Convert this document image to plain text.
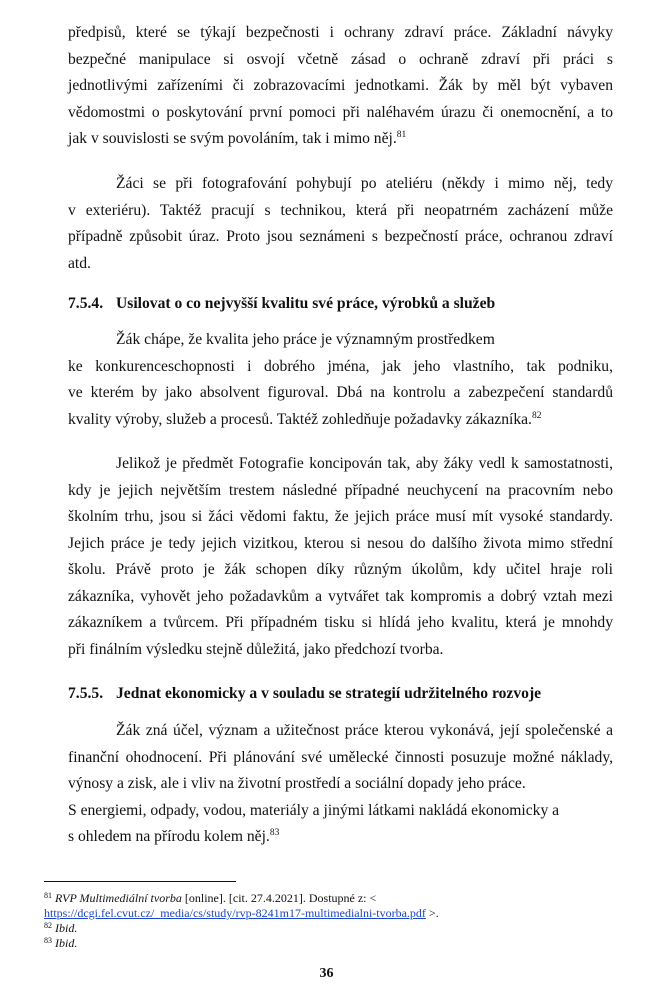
předpisů, které se týkají bezpečnosti i ochrany zdraví práce. Základní návyky
bezpečné manipulace si osvojí včetně zásad o ochraně zdraví při práci s
jednotlivými zařízeními či zobrazovacími jednotkami. Žák by měl být vybaven
vědomostmi o poskytování první pomoci při naléhavém úrazu či onemocnění, a to
jak v souvislosti se svým povoláním, tak i mimo něj.$^{81}$
Žáci se při fotografování pohybují po ateliéru (někdy i mimo něj, tedy
v exteriéru). Taktéž pracují s technikou, která při neopatrném zacházení může
případně způsobit úraz. Proto jsou seznámeni s bezpečností práce, ochranou zdraví
atd.
7.5.4. Usilovat o co nejvyšší kvalitu své práce, výrobků a služeb
Žák chápe, že kvalita jeho práce je významným prostředkem
ke konkurenceschopnosti i dobrého jména, jak jeho vlastního, tak podniku,
ve kterém by jako absolvent figuroval. Dbá na kontrolu a zabezpečení standardů
kvality výroby, služeb a procesů. Taktéž zohledňuje požadavky zákazníka.$^{82}$
Jelikož je předmět Fotografie koncipován tak, aby žáky vedl k samostatnosti,
kdy je jejich největším trestem následné případné neuchycení na pracovním nebo
školním trhu, jsou si žáci vědomi faktu, že jejich práce musí mít vysoké standardy.
Jejich práce je tedy jejich vizitkou, kterou si nesou do dalšího života mimo střední
školu. Právě proto je žák schopen díky různým úkolům, kdy učitel hraje roli
zákazníka, vyhovět jeho požadavkům a vytvářet tak kompromis a dobrý vztah mezi
zákazníkem a tvůrcem. Při případném tisku si hlídá jeho kvalitu, která je mnohdy
při finálním výsledku stejně důležitá, jako předchozí tvorba.
7.5.5. Jednat ekonomicky a v souladu se strategií udržitelného rozvoje
Žák zná účel, význam a užitečnost práce kterou vykonává, její společenské a
finanční ohodnocení. Při plánování své umělecké činnosti posuzuje možné náklady,
výnosy a zisk, ale i vliv na životní prostředí a sociální dopady jeho práce.
S energiemi, odpady, vodou, materiály a jinými látkami nakládá ekonomicky a
s ohledem na přírodu kolem něj.$^{83}$
$^{81}$ RVP Multimediální tvorba [online]. [cit. 27.4.2021]. Dostupné z: <
https://dcgi.fel.cvut.cz/_media/cs/study/rvp-8241m17-multimedialni-tvorba.pdf >.
$^{82}$ Ibid.
$^{83}$ Ibid.
36
